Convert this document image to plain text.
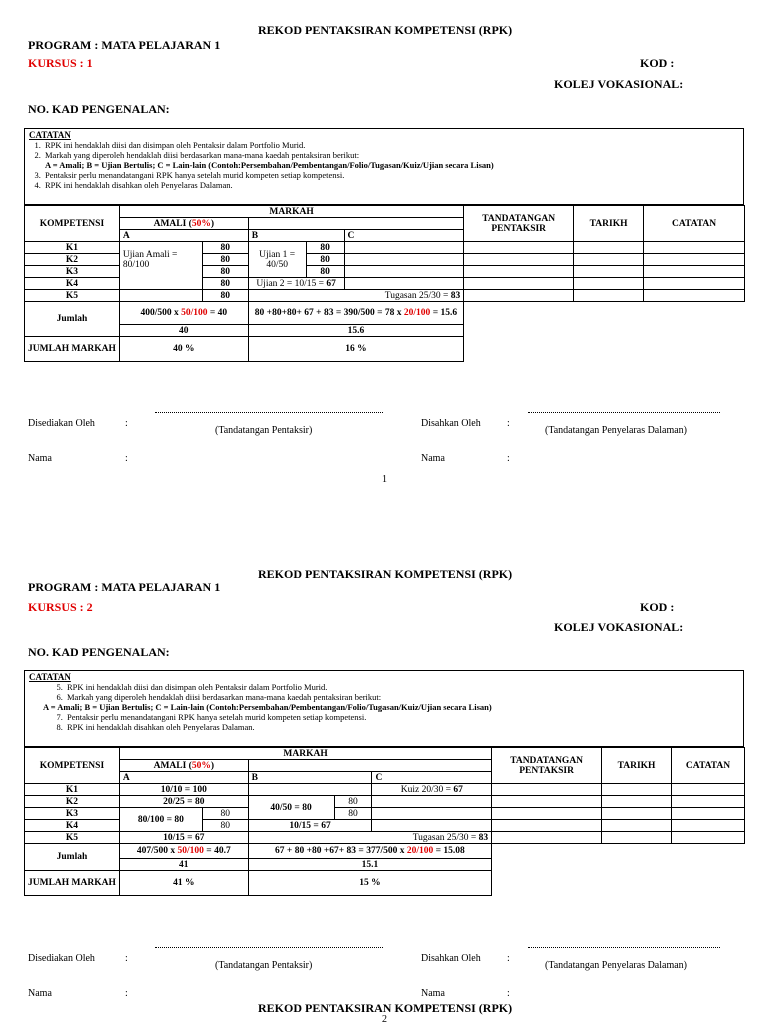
REKOD PENTAKSIRAN KOMPETENSI (RPK)
PROGRAM : MATA PELAJARAN 1
KURSUS : 1	KOD :
KOLEJ VOKASIONAL:
NO. KAD PENGENALAN:
CATATAN
1. RPK ini hendaklah diisi dan disimpan oleh Pentaksir dalam Portfolio Murid.
2. Markah yang diperoleh hendaklah diisi berdasarkan mana-mana kaedah pentaksiran berikut:
A = Amali; B = Ujian Bertulis; C = Lain-lain (Contoh:Persembahan/Pembentangan/Folio/Tugasan/Kuiz/Ujian secara Lisan)
3. Pentaksir perlu menandatangani RPK hanya setelah murid kompeten setiap kompetensi.
4. RPK ini hendaklah disahkan oleh Penyelaras Dalaman.
KOMPETENSI	MARKAH					TANDATANGAN PENTAKSIR	TARIKH	CATATAN
	AMALI (50%)							
	A		B		C			
K1	Ujian Amali = 80/100	80	Ujian 1 = 40/50	80				
K2		80		80				
K3		80		80				
K4		80	Ujian 2 = 10/15 = 67					
K5		80	Tugasan 25/30 = 83					
Jumlah	400/500 x 50/100 = 40		80 +80+80+ 67 + 83 = 390/500 = 78 x 20/100 = 15.6					
	40		15.6					
JUMLAH MARKAH	40 %		16 %					
Disediakan Oleh	:
(Tandatangan Pentaksir)
Disahkan Oleh	:
(Tandatangan Penyelaras Dalaman)
Nama	:	Nama	:
1
REKOD PENTAKSIRAN KOMPETENSI (RPK)
PROGRAM : MATA PELAJARAN 1
KURSUS : 2	KOD :
KOLEJ VOKASIONAL:
NO. KAD PENGENALAN:
CATATAN
5. RPK ini hendaklah diisi dan disimpan oleh Pentaksir dalam Portfolio Murid.
6. Markah yang diperoleh hendaklah diisi berdasarkan mana-mana kaedah pentaksiran berikut:
A = Amali; B = Ujian Bertulis; C = Lain-lain (Contoh:Persembahan/Pembentangan/Folio/Tugasan/Kuiz/Ujian secara Lisan)
7. Pentaksir perlu menandatangani RPK hanya setelah murid kompeten setiap kompetensi.
8. RPK ini hendaklah disahkan oleh Penyelaras Dalaman.
KOMPETENSI	MARKAH					TANDATANGAN PENTAKSIR	TARIKH	CATATAN
	AMALI (50%)							
	A		B		C			
K1	10/10 = 100				Kuiz 20/30 = 67			
K2	20/25 = 80		40/50 = 80	80				
K3	80/100 = 80	80		80				
K4		80	10/15 = 67					
K5	10/15 = 67		Tugasan 25/30 = 83					
Jumlah	407/500 x 50/100 = 40.7		67 + 80 +80 +67+ 83 = 377/500 x 20/100 = 15.08					
	41		15.1					
JUMLAH MARKAH	41 %		15 %					
Disediakan Oleh	:
(Tandatangan Pentaksir)
Disahkan Oleh	:
(Tandatangan Penyelaras Dalaman)
Nama	:	Nama	:
REKOD PENTAKSIRAN KOMPETENSI (RPK)
2
